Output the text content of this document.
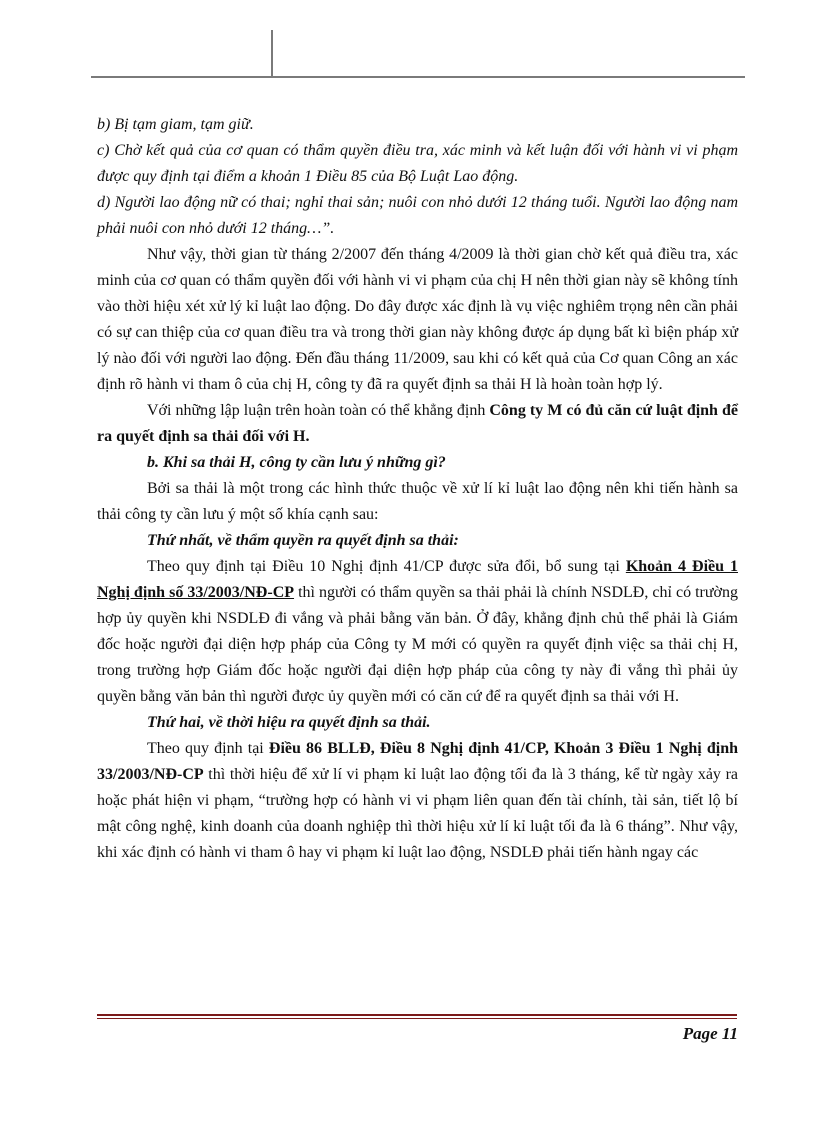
b) Bị tạm giam, tạm giữ.

c) Chờ kết quả của cơ quan có thẩm quyền điều tra, xác minh và kết luận đối với hành vi vi phạm được quy định tại điểm a khoản 1 Điều 85 của Bộ Luật Lao động.

d) Người lao động nữ có thai; nghỉ thai sản; nuôi con nhỏ dưới 12 tháng tuổi. Người lao động nam phải nuôi con nhỏ dưới 12 tháng…”.

Như vậy, thời gian từ tháng 2/2007 đến tháng 4/2009 là thời gian chờ kết quả điều tra, xác minh của cơ quan có thẩm quyền đối với hành vi vi phạm của chị H nên thời gian này sẽ không tính vào thời hiệu xét xử lý kỉ luật lao động. Do đây được xác định là vụ việc nghiêm trọng nên cần phải có sự can thiệp của cơ quan điều tra và trong thời gian này không được áp dụng bất kì biện pháp xử lý nào đối với người lao động. Đến đầu tháng 11/2009, sau khi có kết quả của Cơ quan Công an xác định rõ hành vi tham ô của chị H, công ty đã ra quyết định sa thải H là hoàn toàn hợp lý.

Với những lập luận trên hoàn toàn có thể khẳng định Công ty M có đủ căn cứ luật định để ra quyết định sa thải đối với H.

b. Khi sa thải H, công ty cần lưu ý những gì?

Bởi sa thải là một trong các hình thức thuộc về xử lí kỉ luật lao động nên khi tiến hành sa thải công ty cần lưu ý một số khía cạnh sau:

Thứ nhất, về thẩm quyền ra quyết định sa thải:

Theo quy định tại Điều 10 Nghị định 41/CP được sửa đổi, bổ sung tại Khoản 4 Điều 1 Nghị định số 33/2003/NĐ-CP thì người có thẩm quyền sa thải phải là chính NSDLĐ, chỉ có trường hợp ủy quyền khi NSDLĐ đi vắng và phải bằng văn bản. Ở đây, khẳng định chủ thể phải là Giám đốc hoặc người đại diện hợp pháp của Công ty M mới có quyền ra quyết định việc sa thải chị H, trong trường hợp Giám đốc hoặc người đại diện hợp pháp của công ty này đi vắng thì phải ủy quyền bằng văn bản thì người được ủy quyền mới có căn cứ để ra quyết định sa thải với H.

Thứ hai, về thời hiệu ra quyết định sa thải.

Theo quy định tại Điều 86 BLLĐ, Điều 8 Nghị định 41/CP, Khoản 3 Điều 1 Nghị định 33/2003/NĐ-CP thì thời hiệu để xử lí vi phạm kỉ luật lao động tối đa là 3 tháng, kể từ ngày xảy ra hoặc phát hiện vi phạm, “trường hợp có hành vi vi phạm liên quan đến tài chính, tài sản, tiết lộ bí mật công nghệ, kinh doanh của doanh nghiệp thì thời hiệu xử lí kỉ luật tối đa là 6 tháng”. Như vậy, khi xác định có hành vi tham ô hay vi phạm kỉ luật lao động, NSDLĐ phải tiến hành ngay các

Page 11
